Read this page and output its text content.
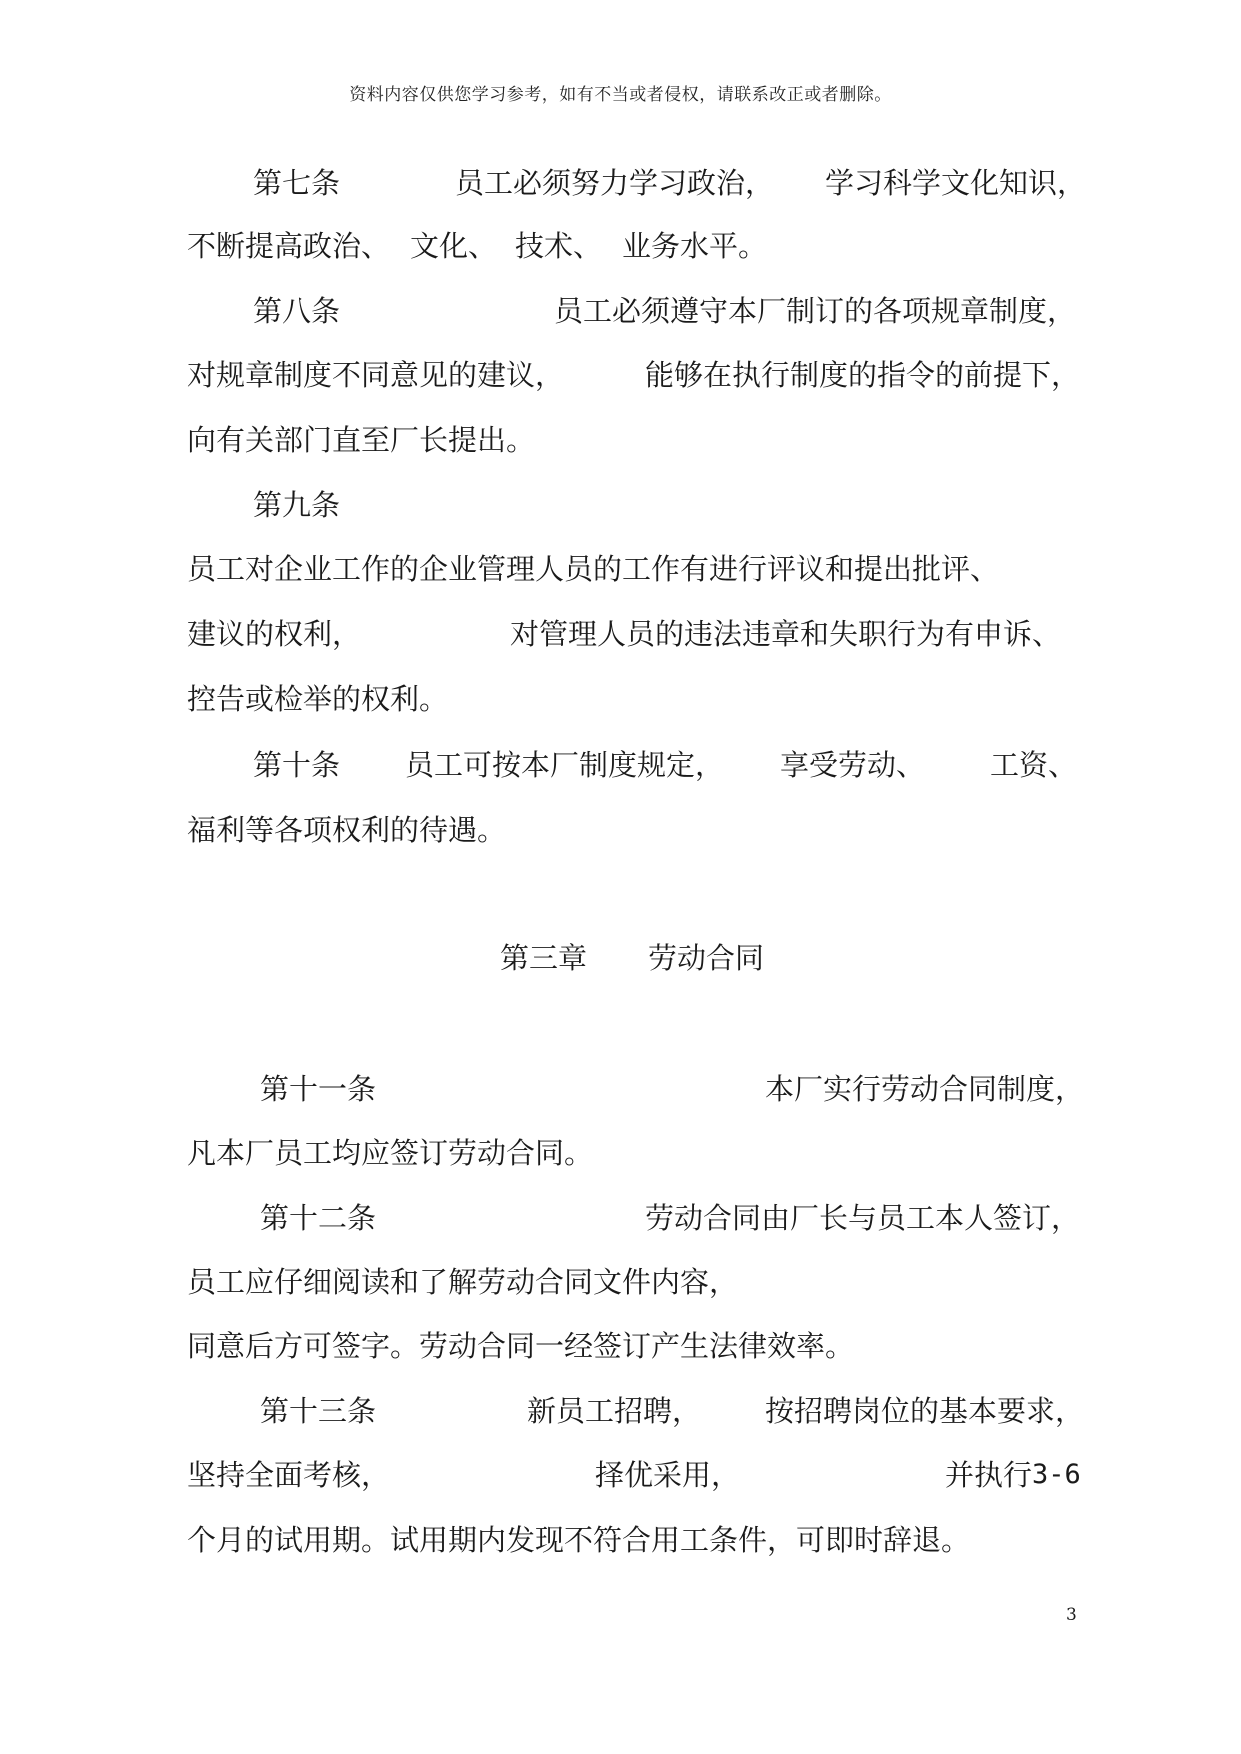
资料内容仅供您学习参考，如有不当或者侵权，请联系改正或者删除。
第七条	员工必须努力学习政治， 学习科学文化知识，
不断提高政治、 文化、 技术、 业务水平。
第八条	员工必须遵守本厂制订的各项规章制度，
对规章制度不同意见的建议，	能够在执行制度的指令的前提下，
向有关部门直至厂长提出。
第九条
员工对企业工作的企业管理人员的工作有进行评议和提出批评、
建议的权利，	对管理人员的违法违章和失职行为有申诉、
控告或检举的权利。
第十条 员工可按本厂制度规定， 享受劳动、 工资、
福利等各项权利的待遇。
第三章 劳动合同
第十一条	本厂实行劳动合同制度，
凡本厂员工均应签订劳动合同。
第十二条	劳动合同由厂长与员工本人签订，
员工应仔细阅读和了解劳动合同文件内容，
同意后方可签字。劳动合同一经签订产生法律效率。
第十三条	新员工招聘， 按招聘岗位的基本要求，
坚持全面考核，	择优采用，	并执行 3-6
个月的试用期。试用期内发现不符合用工条件，可即时辞退。
3
